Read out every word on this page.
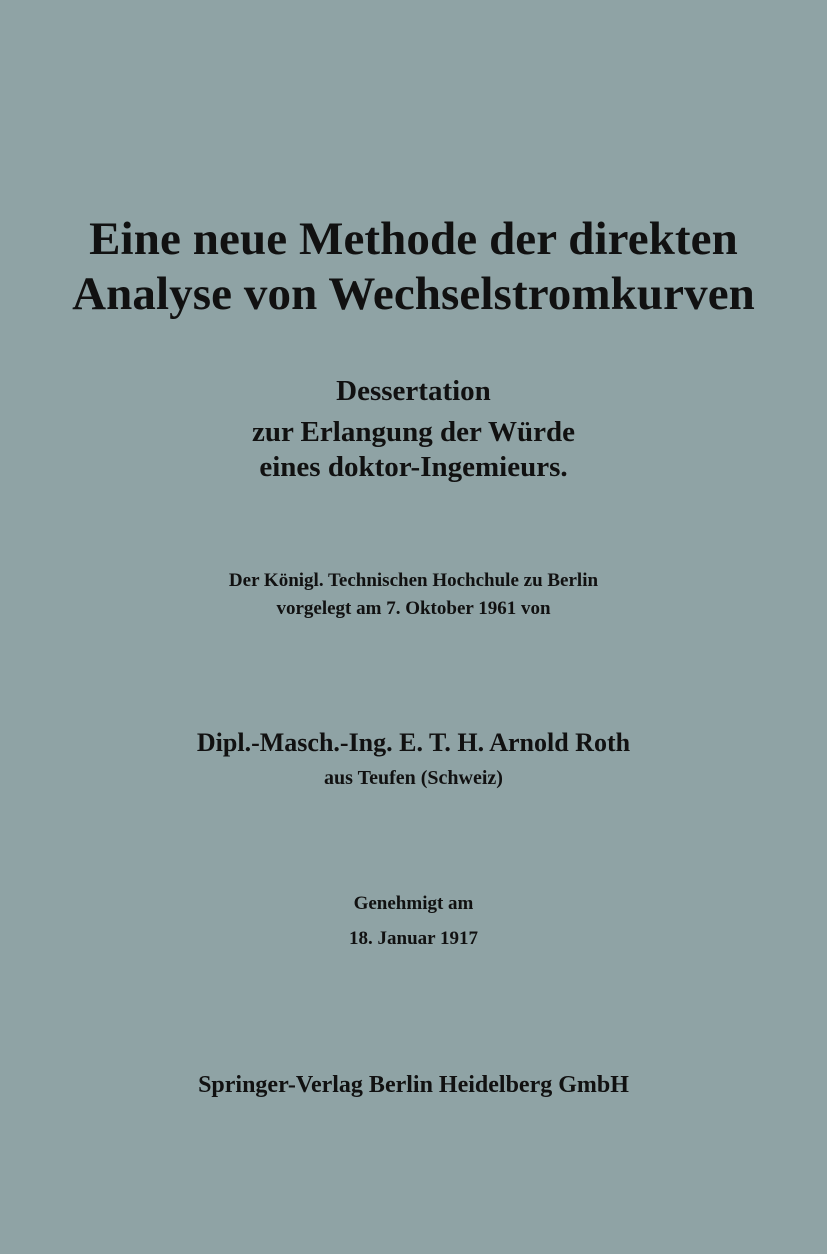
Eine neue Methode der direkten
Analyse von Wechselstromkurven
Dessertation
zur Erlangung der Würde
eines doktor-Ingemieurs.
Der Königl. Technischen Hochchule zu Berlin
vorgelegt am 7. Oktober 1961 von
Dipl.-Masch.-Ing. E. T. H. Arnold Roth
aus Teufen (Schweiz)
Genehmigt am
18. Januar 1917
Springer-Verlag Berlin Heidelberg GmbH
